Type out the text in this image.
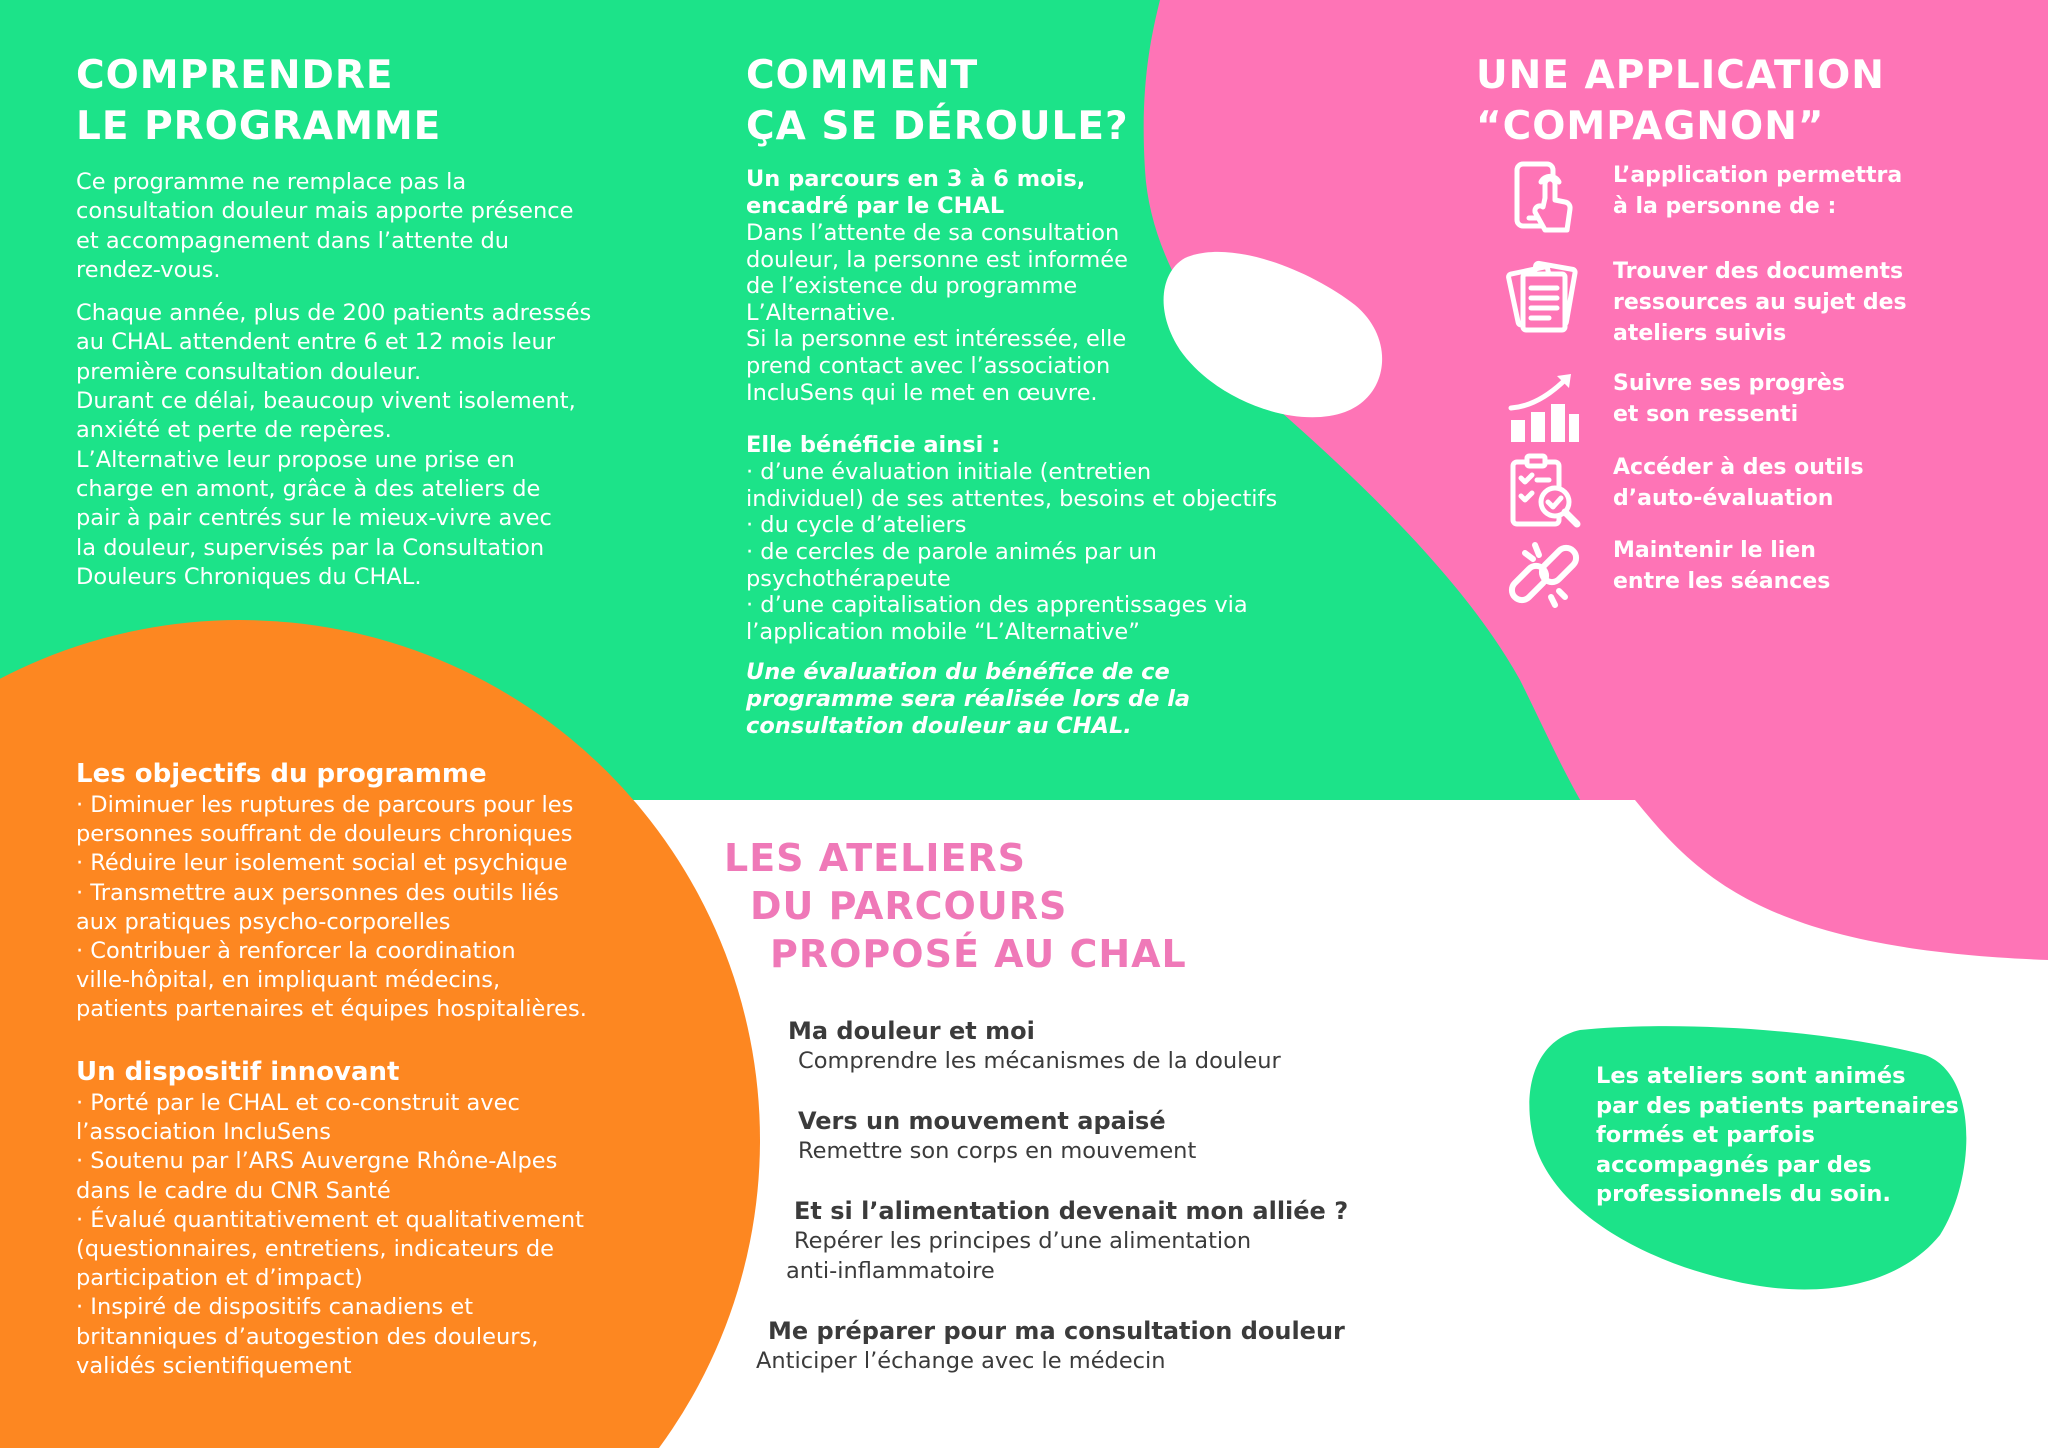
COMPRENDRE
LE PROGRAMME

Ce programme ne remplace pas la

consultation douleur mais apporte présence

et accompagnement dans l’attente du

rendez-vous.

Chaque année, plus de 200 patients adressés

au CHAL attendent entre 6 et 12 mois leur

première consultation douleur.

Durant ce délai, beaucoup vivent isolement,

anxiété et perte de repères.

L’Alternative leur propose une prise en

charge en amont, grâce à des ateliers de

pair à pair centrés sur le mieux-vivre avec

la douleur, supervisés par la Consultation

Douleurs Chroniques du CHAL.

COMMENT
ÇA SE DÉROULE?

Un parcours en 3 à 6 mois,

encadré par le CHAL

Dans l’attente de sa consultation

douleur, la personne est informée

de l’existence du programme

L’Alternative.

Si la personne est intéressée, elle

prend contact avec l’association

IncluSens qui le met en œuvre.

Elle bénéficie ainsi :

· d’une évaluation initiale (entretien

individuel) de ses attentes, besoins et objectifs

· du cycle d’ateliers

· de cercles de parole animés par un

psychothérapeute

· d’une capitalisation des apprentissages via

l’application mobile “L’Alternative”

Une évaluation du bénéfice de ce

programme sera réalisée lors de la

consultation douleur au CHAL.

UNE APPLICATION
“COMPAGNON”
L’application permettra
à la personne de :
Trouver des documents
ressources au sujet des
ateliers suivis
Suivre ses progrès
et son ressenti
Accéder à des outils
d’auto-évaluation
Maintenir le lien
entre les séances

Les objectifs du programme

· Diminuer les ruptures de parcours pour les

personnes souffrant de douleurs chroniques

· Réduire leur isolement social et psychique

· Transmettre aux personnes des outils liés

aux pratiques psycho-corporelles

· Contribuer à renforcer la coordination

ville-hôpital, en impliquant médecins,

patients partenaires et équipes hospitalières.

Un dispositif innovant

· Porté par le CHAL et co-construit avec

l’association IncluSens

· Soutenu par l’ARS Auvergne Rhône-Alpes

dans le cadre du CNR Santé

· Évalué quantitativement et qualitativement

(questionnaires, entretiens, indicateurs de

participation et d’impact)

· Inspiré de dispositifs canadiens et

britanniques d’autogestion des douleurs,

validés scientifiquement

LES ATELIERS
DU PARCOURS
PROPOSÉ AU CHAL
Ma douleur et moi
Comprendre les mécanismes de la douleur
Vers un mouvement apaisé
Remettre son corps en mouvement
Et si l’alimentation devenait mon alliée ?
Repérer les principes d’une alimentation
anti-inflammatoire
Me préparer pour ma consultation douleur
Anticiper l’échange avec le médecin
Les ateliers sont animés
par des patients partenaires
formés et parfois
accompagnés par des
professionnels du soin.
